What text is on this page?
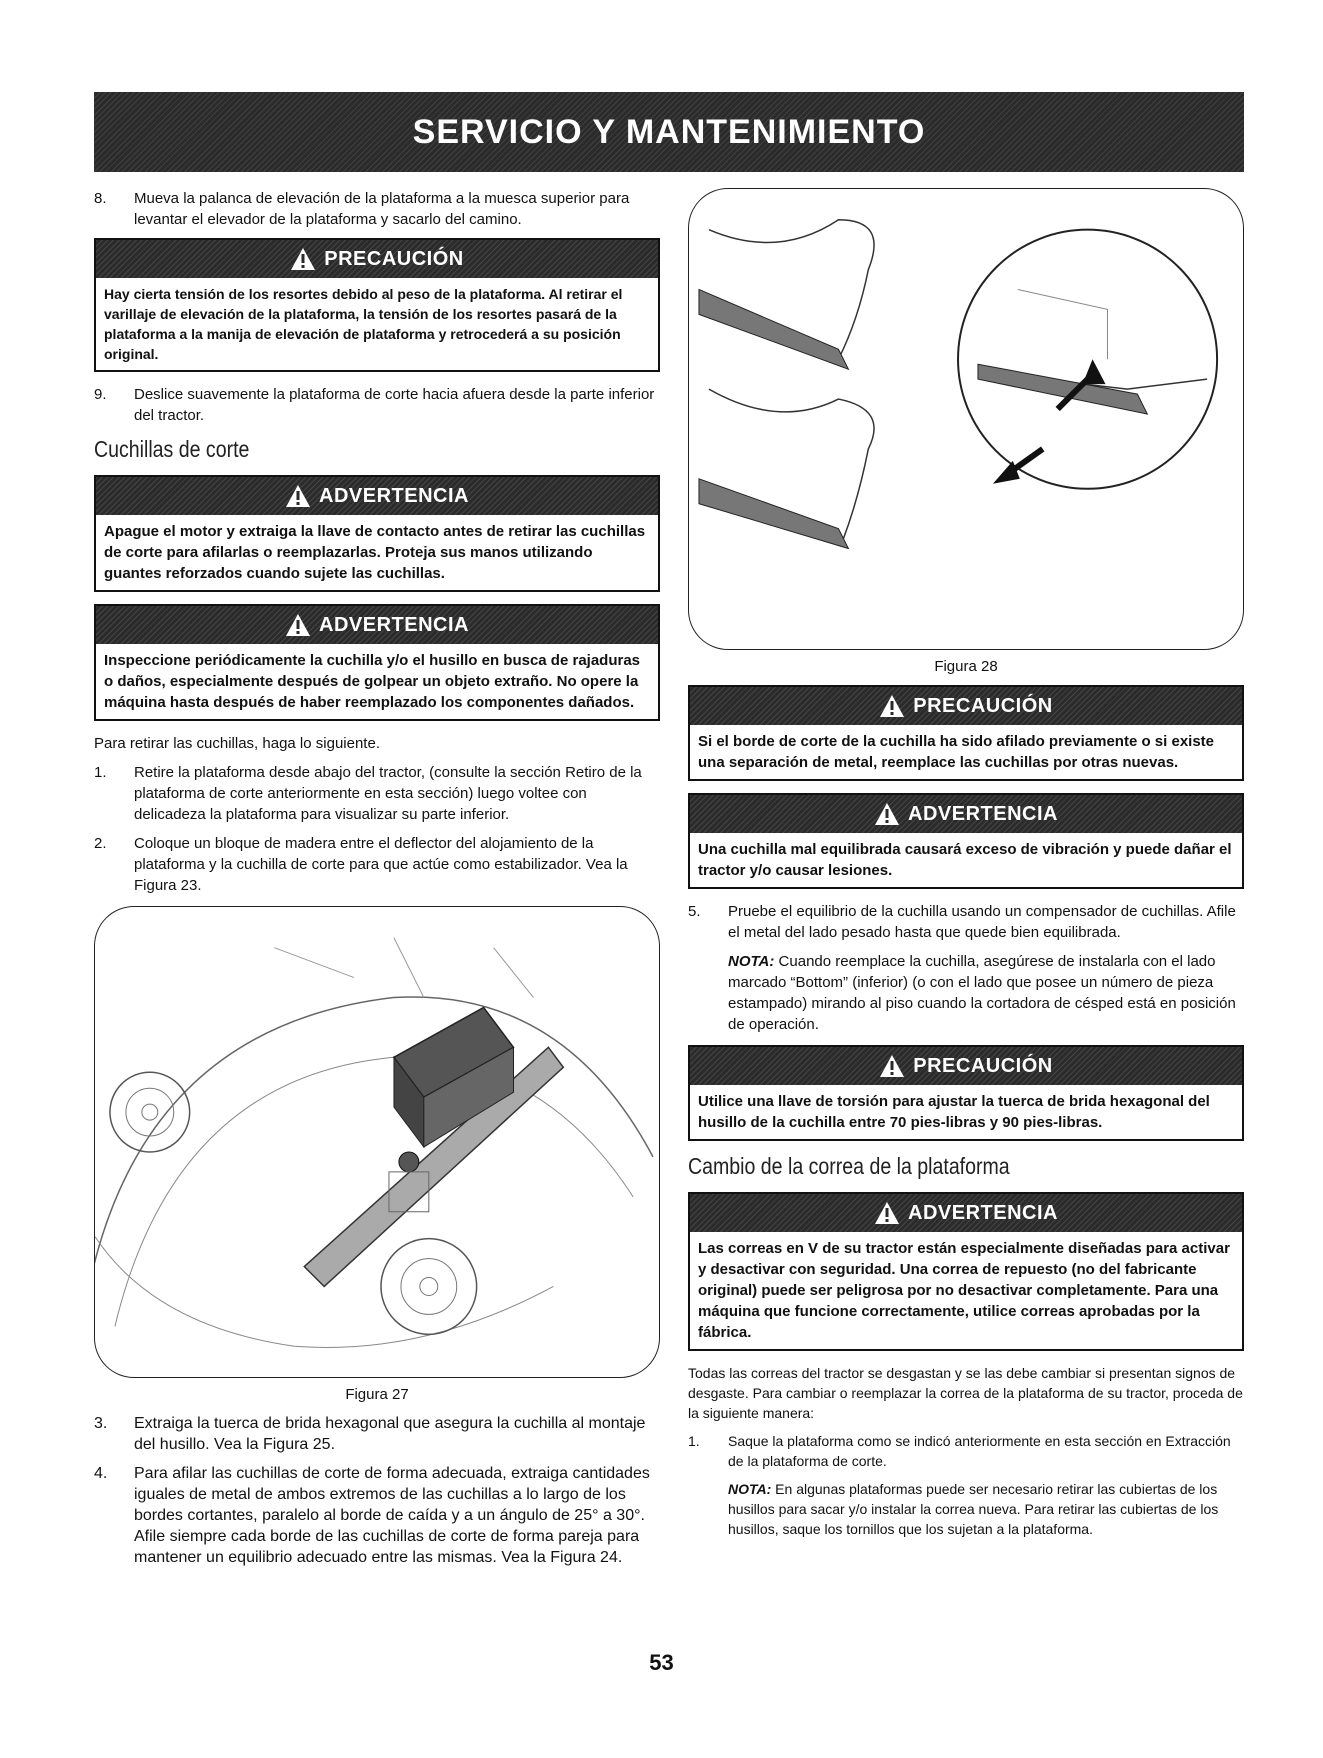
SERVICIO Y MANTENIMIENTO
8. Mueva la palanca de elevación de la plataforma a la muesca superior para levantar el elevador de la plataforma y sacarlo del camino.
PRECAUCIÓN
Hay cierta tensión de los resortes debido al peso de la plataforma. Al retirar el varillaje de elevación de la plataforma, la tensión de los resortes pasará de la plataforma a la manija de elevación de plataforma y retrocederá a su posición original.
9. Deslice suavemente la plataforma de corte hacia afuera desde la parte inferior del tractor.
Cuchillas de corte
ADVERTENCIA
Apague el motor y extraiga la llave de contacto antes de retirar las cuchillas de corte para afilarlas o reemplazarlas. Proteja sus manos utilizando guantes reforzados cuando sujete las cuchillas.
ADVERTENCIA
Inspeccione periódicamente la cuchilla y/o el husillo en busca de rajaduras o daños, especialmente después de golpear un objeto extraño. No opere la máquina hasta después de haber reemplazado los componentes dañados.
Para retirar las cuchillas, haga lo siguiente.
1. Retire la plataforma desde abajo del tractor, (consulte la sección Retiro de la plataforma de corte anteriormente en esta sección) luego voltee con delicadeza la plataforma para visualizar su parte inferior.
2. Coloque un bloque de madera entre el deflector del alojamiento de la plataforma y la cuchilla de corte para que actúe como estabilizador. Vea la Figura 23.
Figura 27
3. Extraiga la tuerca de brida hexagonal que asegura la cuchilla al montaje del husillo. Vea la Figura 25.
4. Para afilar las cuchillas de corte de forma adecuada, extraiga cantidades iguales de metal de ambos extremos de las cuchillas a lo largo de los bordes cortantes, paralelo al borde de caída y a un ángulo de 25° a 30°. Afile siempre cada borde de las cuchillas de corte de forma pareja para mantener un equilibrio adecuado entre las mismas. Vea la Figura 24.
Figura 28
PRECAUCIÓN
Si el borde de corte de la cuchilla ha sido afilado previamente o si existe una separación de metal, reemplace las cuchillas por otras nuevas.
ADVERTENCIA
Una cuchilla mal equilibrada causará exceso de vibración y puede dañar el tractor y/o causar lesiones.
5. Pruebe el equilibrio de la cuchilla usando un compensador de cuchillas. Afile el metal del lado pesado hasta que quede bien equilibrada.
NOTA: Cuando reemplace la cuchilla, asegúrese de instalarla con el lado marcado “Bottom” (inferior) (o con el lado que posee un número de pieza estampado) mirando al piso cuando la cortadora de césped está en posición de operación.
PRECAUCIÓN
Utilice una llave de torsión para ajustar la tuerca de brida hexagonal del husillo de la cuchilla entre 70 pies-libras y 90 pies-libras.
Cambio de la correa de la plataforma
ADVERTENCIA
Las correas en V de su tractor están especialmente diseñadas para activar y desactivar con seguridad. Una correa de repuesto (no del fabricante original) puede ser peligrosa por no desactivar completamente. Para una máquina que funcione correctamente, utilice correas aprobadas por la fábrica.
Todas las correas del tractor se desgastan y se las debe cambiar si presentan signos de desgaste. Para cambiar o reemplazar la correa de la plataforma de su tractor, proceda de la siguiente manera:
1. Saque la plataforma como se indicó anteriormente en esta sección en Extracción de la plataforma de corte.
NOTA: En algunas plataformas puede ser necesario retirar las cubiertas de los husillos para sacar y/o instalar la correa nueva. Para retirar las cubiertas de los husillos, saque los tornillos que los sujetan a la plataforma.
53
